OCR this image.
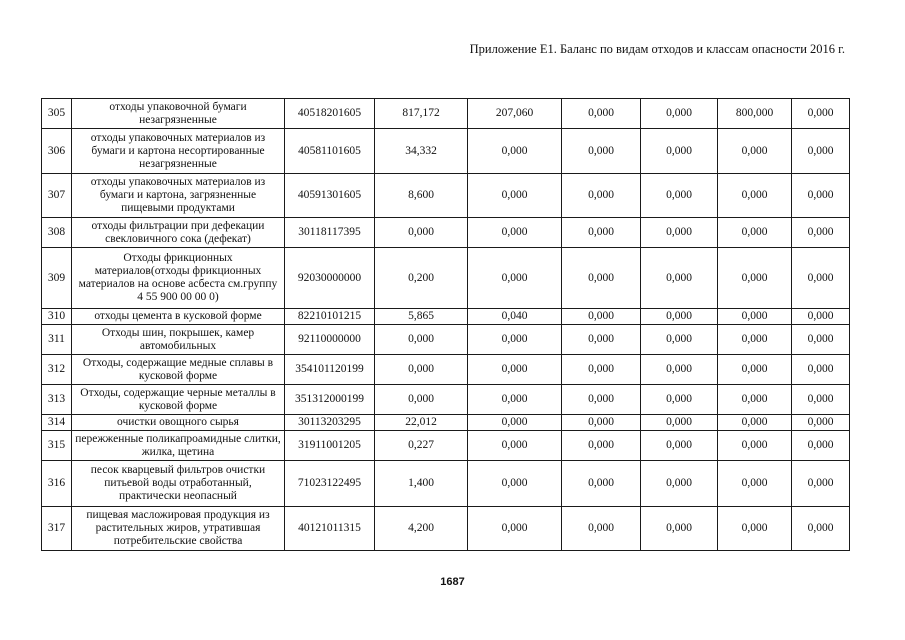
Приложение Е1. Баланс по видам отходов и классам опасности 2016 г.
305	отходы упаковочной бумаги незагрязненные	40518201605	817,172	207,060	0,000	0,000	800,000	0,000
306	отходы упаковочных материалов из бумаги и картона несортированные незагрязненные	40581101605	34,332	0,000	0,000	0,000	0,000	0,000
307	отходы упаковочных материалов из бумаги и картона, загрязненные пищевыми продуктами	40591301605	8,600	0,000	0,000	0,000	0,000	0,000
308	отходы фильтрации при дефекации свекловичного сока (дефекат)	30118117395	0,000	0,000	0,000	0,000	0,000	0,000
309	Отходы фрикционных материалов(отходы фрикционных материалов на основе асбеста см.группу 4 55 900 00 00 0)	92030000000	0,200	0,000	0,000	0,000	0,000	0,000
310	отходы цемента в кусковой форме	82210101215	5,865	0,040	0,000	0,000	0,000	0,000
311	Отходы шин, покрышек, камер автомобильных	92110000000	0,000	0,000	0,000	0,000	0,000	0,000
312	Отходы, содержащие медные сплавы в кусковой форме	354101120199	0,000	0,000	0,000	0,000	0,000	0,000
313	Отходы, содержащие черные металлы в кусковой форме	351312000199	0,000	0,000	0,000	0,000	0,000	0,000
314	очистки овощного сырья	30113203295	22,012	0,000	0,000	0,000	0,000	0,000
315	пережженные поликапроамидные слитки, жилка, щетина	31911001205	0,227	0,000	0,000	0,000	0,000	0,000
316	песок кварцевый фильтров очистки питьевой воды отработанный, практически неопасный	71023122495	1,400	0,000	0,000	0,000	0,000	0,000
317	пищевая масложировая продукция из растительных жиров, утратившая потребительские свойства	40121011315	4,200	0,000	0,000	0,000	0,000	0,000
1687
